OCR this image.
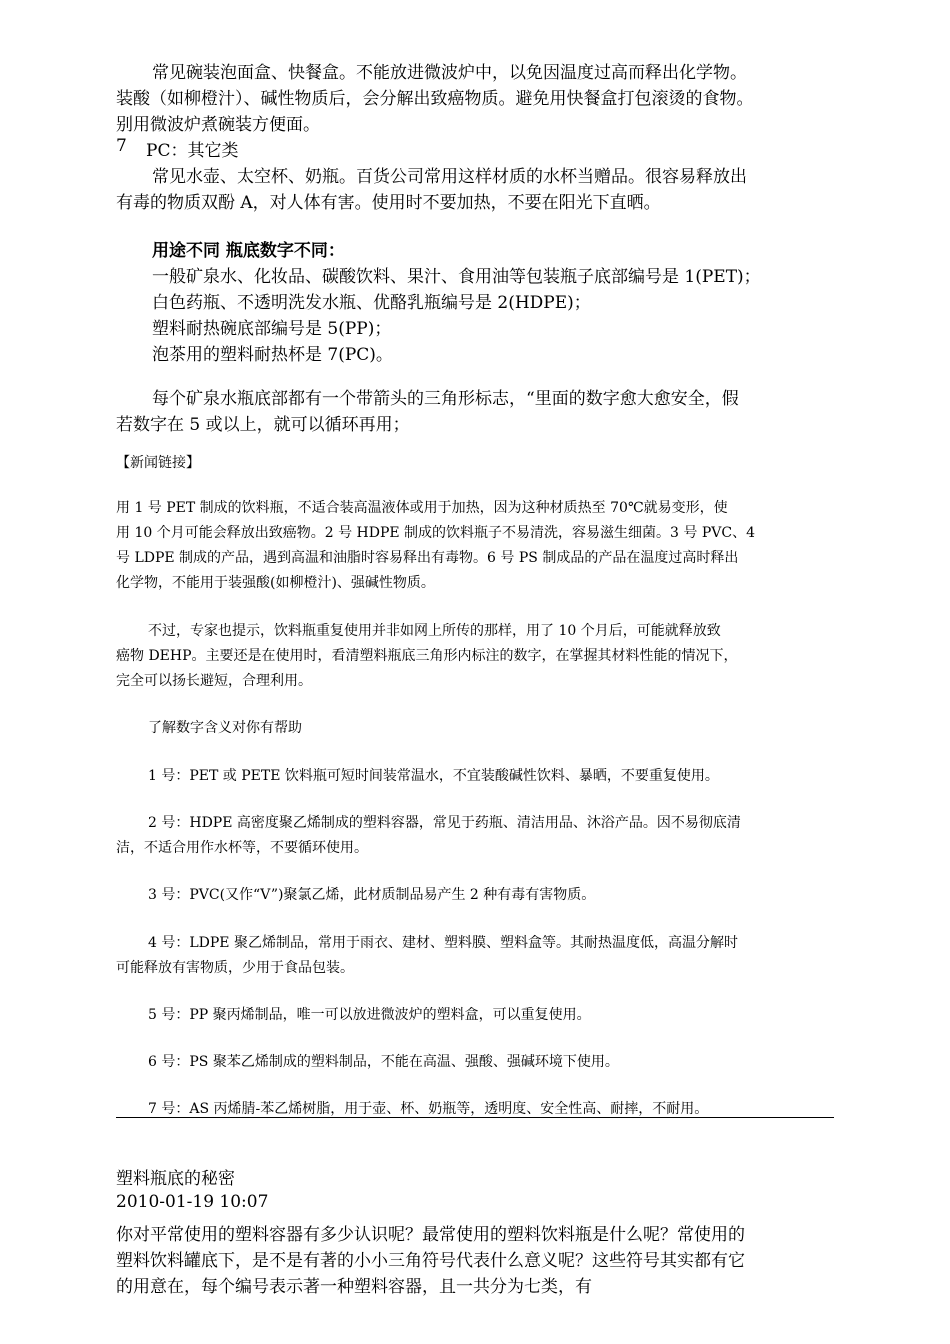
常见碗装泡面盒、快餐盒。不能放进微波炉中，以免因温度过高而释出化学物。
装酸（如柳橙汁）、碱性物质后，会分解出致癌物质。避免用快餐盒打包滚烫的食物。
别用微波炉煮碗装方便面。
7 PC：其它类
常见水壶、太空杯、奶瓶。百货公司常用这样材质的水杯当赠品。很容易释放出
有毒的物质双酚 A，对人体有害。使用时不要加热，不要在阳光下直晒。
用途不同 瓶底数字不同：
一般矿泉水、化妆品、碳酸饮料、果汁、食用油等包装瓶子底部编号是 1(PET)；
白色药瓶、不透明洗发水瓶、优酪乳瓶编号是 2(HDPE)；
塑料耐热碗底部编号是 5(PP)；
泡茶用的塑料耐热杯是 7(PC)。
每个矿泉水瓶底部都有一个带箭头的三角形标志，“里面的数字愈大愈安全，假
若数字在 5 或以上，就可以循环再用；
【新闻链接】
用 1 号 PET 制成的饮料瓶，不适合装高温液体或用于加热，因为这种材质热至 70℃就易变形，使
用 10 个月可能会释放出致癌物。2 号 HDPE 制成的饮料瓶子不易清洗，容易滋生细菌。3 号 PVC、4
号 LDPE 制成的产品，遇到高温和油脂时容易释出有毒物。6 号 PS 制成品的产品在温度过高时释出
化学物，不能用于装强酸(如柳橙汁)、强碱性物质。
不过，专家也提示，饮料瓶重复使用并非如网上所传的那样，用了 10 个月后，可能就释放致
癌物 DEHP。主要还是在使用时，看清塑料瓶底三角形内标注的数字，在掌握其材料性能的情况下，
完全可以扬长避短，合理利用。
了解数字含义对你有帮助
1 号：PET 或 PETE 饮料瓶可短时间装常温水，不宜装酸碱性饮料、暴晒，不要重复使用。
2 号：HDPE 高密度聚乙烯制成的塑料容器，常见于药瓶、清洁用品、沐浴产品。因不易彻底清
洁，不适合用作水杯等，不要循环使用。
3 号：PVC(又作“V”)聚氯乙烯，此材质制品易产生 2 种有毒有害物质。
4 号：LDPE 聚乙烯制品，常用于雨衣、建材、塑料膜、塑料盒等。其耐热温度低，高温分解时
可能释放有害物质，少用于食品包装。
5 号：PP 聚丙烯制品，唯一可以放进微波炉的塑料盒，可以重复使用。
6 号：PS 聚苯乙烯制成的塑料制品，不能在高温、强酸、强碱环境下使用。
7 号：AS 丙烯腈-苯乙烯树脂，用于壶、杯、奶瓶等，透明度、安全性高、耐摔，不耐用。
塑料瓶底的秘密
2010-01-19 10:07
你对平常使用的塑料容器有多少认识呢？最常使用的塑料饮料瓶是什么呢？常使用的
塑料饮料罐底下，是不是有著的小小三角符号代表什么意义呢？这些符号其实都有它
的用意在，每个编号表示著一种塑料容器，且一共分为七类，有
